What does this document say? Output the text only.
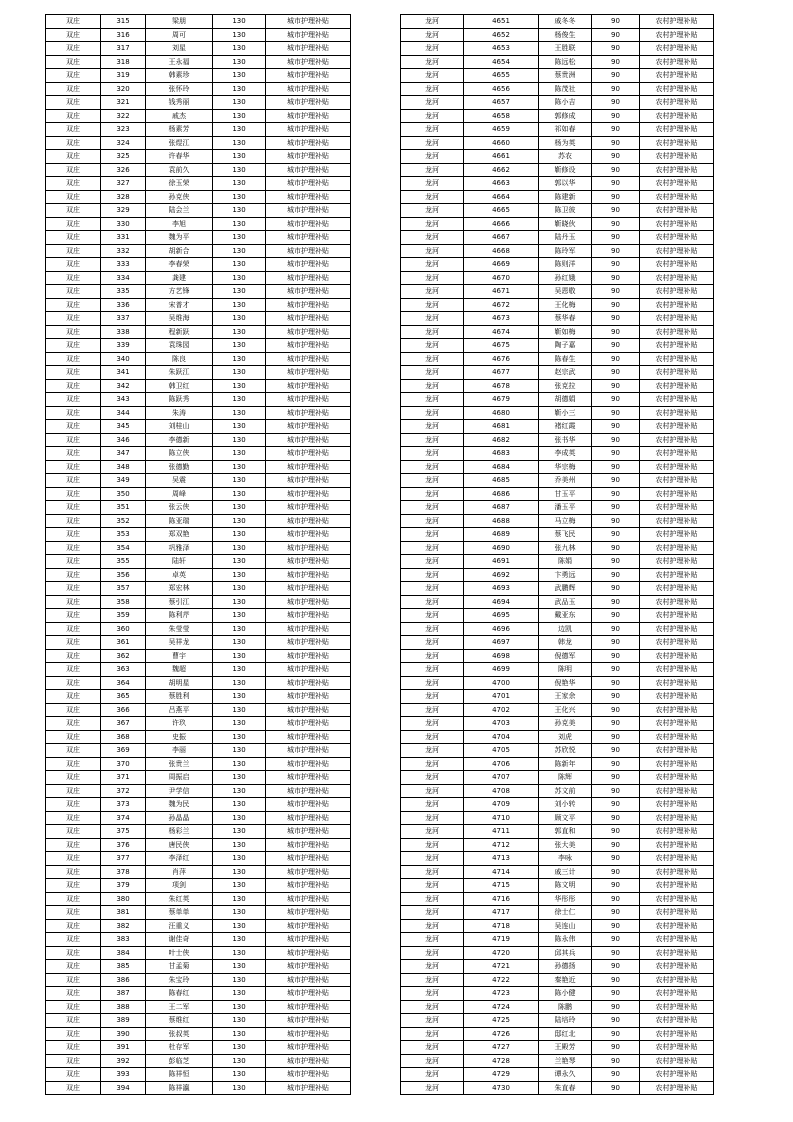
双庄	315	梁朋	130	城市护理补贴
双庄	316	周可	130	城市护理补贴
双庄	317	刘星	130	城市护理补贴
双庄	318	王永福	130	城市护理补贴
双庄	319	韩素珍	130	城市护理补贴
双庄	320	张怀玲	130	城市护理补贴
双庄	321	钱秀丽	130	城市护理补贴
双庄	322	戚杰	130	城市护理补贴
双庄	323	杨素芳	130	城市护理补贴
双庄	324	张煜江	130	城市护理补贴
双庄	325	许春华	130	城市护理补贴
双庄	326	袁前久	130	城市护理补贴
双庄	327	徐玉荣	130	城市护理补贴
双庄	328	孙克侠	130	城市护理补贴
双庄	329	陆会兰	130	城市护理补贴
双庄	330	李旭	130	城市护理补贴
双庄	331	魏为平	130	城市护理补贴
双庄	332	胡新合	130	城市护理补贴
双庄	333	李春荣	130	城市护理补贴
双庄	334	龚建	130	城市护理补贴
双庄	335	方艺锋	130	城市护理补贴
双庄	336	宋普才	130	城市护理补贴
双庄	337	吴维海	130	城市护理补贴
双庄	338	程新跃	130	城市护理补贴
双庄	339	袁珠园	130	城市护理补贴
双庄	340	陈良	130	城市护理补贴
双庄	341	朱跃江	130	城市护理补贴
双庄	342	韩卫红	130	城市护理补贴
双庄	343	陈跃秀	130	城市护理补贴
双庄	344	朱涛	130	城市护理补贴
双庄	345	刘桂山	130	城市护理补贴
双庄	346	李德新	130	城市护理补贴
双庄	347	陈立侠	130	城市护理补贴
双庄	348	张德勤	130	城市护理补贴
双庄	349	吴震	130	城市护理补贴
双庄	350	周峰	130	城市护理补贴
双庄	351	张云侠	130	城市护理补贴
双庄	352	陈亚瑞	130	城市护理补贴
双庄	353	郑双艳	130	城市护理补贴
双庄	354	巩雅泽	130	城市护理补贴
双庄	355	陆轩	130	城市护理补贴
双庄	356	卓英	130	城市护理补贴
双庄	357	郑宏林	130	城市护理补贴
双庄	358	蔡引江	130	城市护理补贴
双庄	359	陈利芹	130	城市护理补贴
双庄	360	朱莹莹	130	城市护理补贴
双庄	361	吴祥龙	130	城市护理补贴
双庄	362	曹宇	130	城市护理补贴
双庄	363	魏超	130	城市护理补贴
双庄	364	胡明星	130	城市护理补贴
双庄	365	蔡胜利	130	城市护理补贴
双庄	366	吕燕平	130	城市护理补贴
双庄	367	许玖	130	城市护理补贴
双庄	368	史振	130	城市护理补贴
双庄	369	李丽	130	城市护理补贴
双庄	370	张贵兰	130	城市护理补贴
双庄	371	周振启	130	城市护理补贴
双庄	372	尹学信	130	城市护理补贴
双庄	373	魏为民	130	城市护理补贴
双庄	374	孙晶晶	130	城市护理补贴
双庄	375	杨彩兰	130	城市护理补贴
双庄	376	唐民侠	130	城市护理补贴
双庄	377	李泽红	130	城市护理补贴
双庄	378	肖萍	130	城市护理补贴
双庄	379	项剑	130	城市护理补贴
双庄	380	朱红英	130	城市护理补贴
双庄	381	蔡单单	130	城市护理补贴
双庄	382	汪重义	130	城市护理补贴
双庄	383	谢佳奇	130	城市护理补贴
双庄	384	叶士侠	130	城市护理补贴
双庄	385	甘孟菊	130	城市护理补贴
双庄	386	朱宝玲	130	城市护理补贴
双庄	387	陈春红	130	城市护理补贴
双庄	388	王二军	130	城市护理补贴
双庄	389	蔡维红	130	城市护理补贴
双庄	390	张叔英	130	城市护理补贴
双庄	391	杜存军	130	城市护理补贴
双庄	392	彭临芝	130	城市护理补贴
双庄	393	陈祥恒	130	城市护理补贴
双庄	394	陈祥瀛	130	城市护理补贴
龙河	4651	戚冬冬	90	农村护理补贴
龙河	4652	杨俊生	90	农村护理补贴
龙河	4653	王胜联	90	农村护理补贴
龙河	4654	陈远松	90	农村护理补贴
龙河	4655	蔡贵洲	90	农村护理补贴
龙河	4656	陈茂社	90	农村护理补贴
龙河	4657	陈小吉	90	农村护理补贴
龙河	4658	郭修成	90	农村护理补贴
龙河	4659	祁如春	90	农村护理补贴
龙河	4660	杨为英	90	农村护理补贴
龙河	4661	苏农	90	农村护理补贴
龙河	4662	靳修设	90	农村护理补贴
龙河	4663	郭以华	90	农村护理补贴
龙河	4664	陈建新	90	农村护理补贴
龙河	4665	陈卫彼	90	农村护理补贴
龙河	4666	靳晓伙	90	农村护理补贴
龙河	4667	陆丹玉	90	农村护理补贴
龙河	4668	陈玲军	90	农村护理补贴
龙河	4669	陈则洋	90	农村护理补贴
龙河	4670	孙红娥	90	农村护理补贴
龙河	4671	吴恩敬	90	农村护理补贴
龙河	4672	王化梅	90	农村护理补贴
龙河	4673	蔡华春	90	农村护理补贴
龙河	4674	靳如梅	90	农村护理补贴
龙河	4675	陶子嘉	90	农村护理补贴
龙河	4676	陈春生	90	农村护理补贴
龙河	4677	赵宗武	90	农村护理补贴
龙河	4678	张克拉	90	农村护理补贴
龙河	4679	胡德娟	90	农村护理补贴
龙河	4680	靳小三	90	农村护理补贴
龙河	4681	褚红霞	90	农村护理补贴
龙河	4682	张书华	90	农村护理补贴
龙河	4683	李成英	90	农村护理补贴
龙河	4684	华宗梅	90	农村护理补贴
龙河	4685	乔美州	90	农村护理补贴
龙河	4686	甘玉平	90	农村护理补贴
龙河	4687	潘玉平	90	农村护理补贴
龙河	4688	马立梅	90	农村护理补贴
龙河	4689	蔡飞民	90	农村护理补贴
龙河	4690	张九林	90	农村护理补贴
龙河	4691	陈娟	90	农村护理补贴
龙河	4692	卞勇远	90	农村护理补贴
龙河	4693	武鹏辉	90	农村护理补贴
龙河	4694	武品玉	90	农村护理补贴
龙河	4695	戴亚东	90	农村护理补贴
龙河	4696	边凯	90	农村护理补贴
龙河	4697	韩龙	90	农村护理补贴
龙河	4698	倪德军	90	农村护理补贴
龙河	4699	陈明	90	农村护理补贴
龙河	4700	倪艳华	90	农村护理补贴
龙河	4701	王家余	90	农村护理补贴
龙河	4702	王化兴	90	农村护理补贴
龙河	4703	孙克美	90	农村护理补贴
龙河	4704	刘虎	90	农村护理补贴
龙河	4705	苏欣悦	90	农村护理补贴
龙河	4706	陈新年	90	农村护理补贴
龙河	4707	陈辉	90	农村护理补贴
龙河	4708	苏文前	90	农村护理补贴
龙河	4709	刘小转	90	农村护理补贴
龙河	4710	顾文平	90	农村护理补贴
龙河	4711	郭直和	90	农村护理补贴
龙河	4712	张大美	90	农村护理补贴
龙河	4713	李咏	90	农村护理补贴
龙河	4714	戚三计	90	农村护理补贴
龙河	4715	陈文明	90	农村护理补贴
龙河	4716	华彤彤	90	农村护理补贴
龙河	4717	徐士仁	90	农村护理补贴
龙河	4718	吴连山	90	农村护理补贴
龙河	4719	陈永伟	90	农村护理补贴
龙河	4720	邱其兵	90	农村护理补贴
龙河	4721	孙德扬	90	农村护理补贴
龙河	4722	秦艳近	90	农村护理补贴
龙河	4723	陈小健	90	农村护理补贴
龙河	4724	陈鹏	90	农村护理补贴
龙河	4725	陆培玲	90	农村护理补贴
龙河	4726	邸红北	90	农村护理补贴
龙河	4727	王殿芳	90	农村护理补贴
龙河	4728	兰艳琴	90	农村护理补贴
龙河	4729	谭永久	90	农村护理补贴
龙河	4730	朱直春	90	农村护理补贴
